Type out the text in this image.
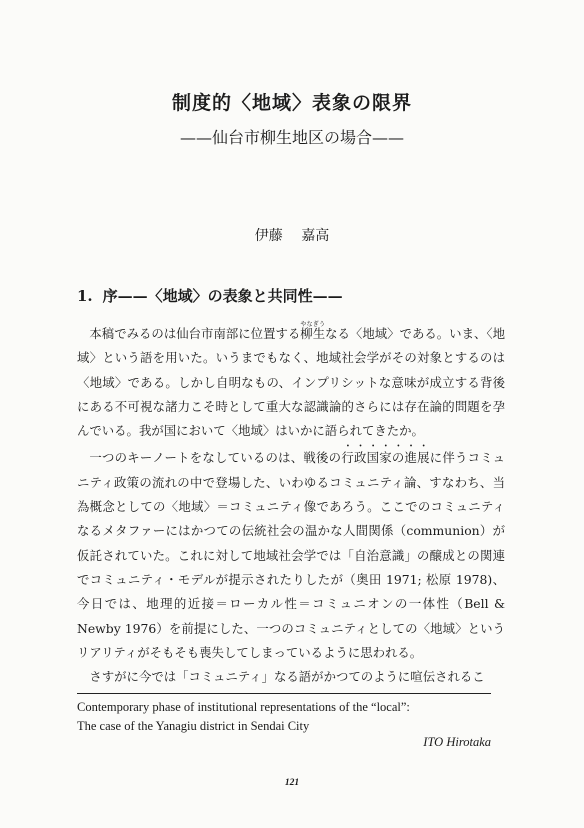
制度的〈地域〉表象の限界
——仙台市柳生地区の場合——
伊藤 嘉高
1. 序——〈地域〉の表象と共同性——

本稿でみるのは仙台市南部に位置する柳生やなぎうなる〈地域〉である。いま、〈地域〉という語を用いた。いうまでもなく、地域社会学がその対象とするのは〈地域〉である。しかし自明なもの、インプリシットな意味が成立する背後にある不可視な諸力こそ時として重大な認識論的さらには存在論的問題を孕んでいる。我が国において〈地域〉はいかに語られてきたか。

一つのキーノートをなしているのは、戦後の行政国家の進展に伴うコミュニティ政策の流れの中で登場した、いわゆるコミュニティ論、すなわち、当為概念としての〈地域〉＝コミュニティ像であろう。ここでのコミュニティなるメタファーにはかつての伝統社会の温かな人間関係（communion）が仮託されていた。これに対して地域社会学では「自治意識」の醸成との関連でコミュニティ・モデルが提示されたりしたが（奥田 1971; 松原 1978)、今日では、地理的近接＝ローカル性＝コミュニオンの一体性（Bell & Newby 1976）を前提にした、一つのコミュニティとしての〈地域〉というリアリティがそもそも喪失してしまっているように思われる。

さすがに今では「コミュニティ」なる語がかつてのように喧伝されるこ

Contemporary phase of institutional representations of the “local”:
The case of the Yanagiu district in Sendai City
ITO Hirotaka
121
